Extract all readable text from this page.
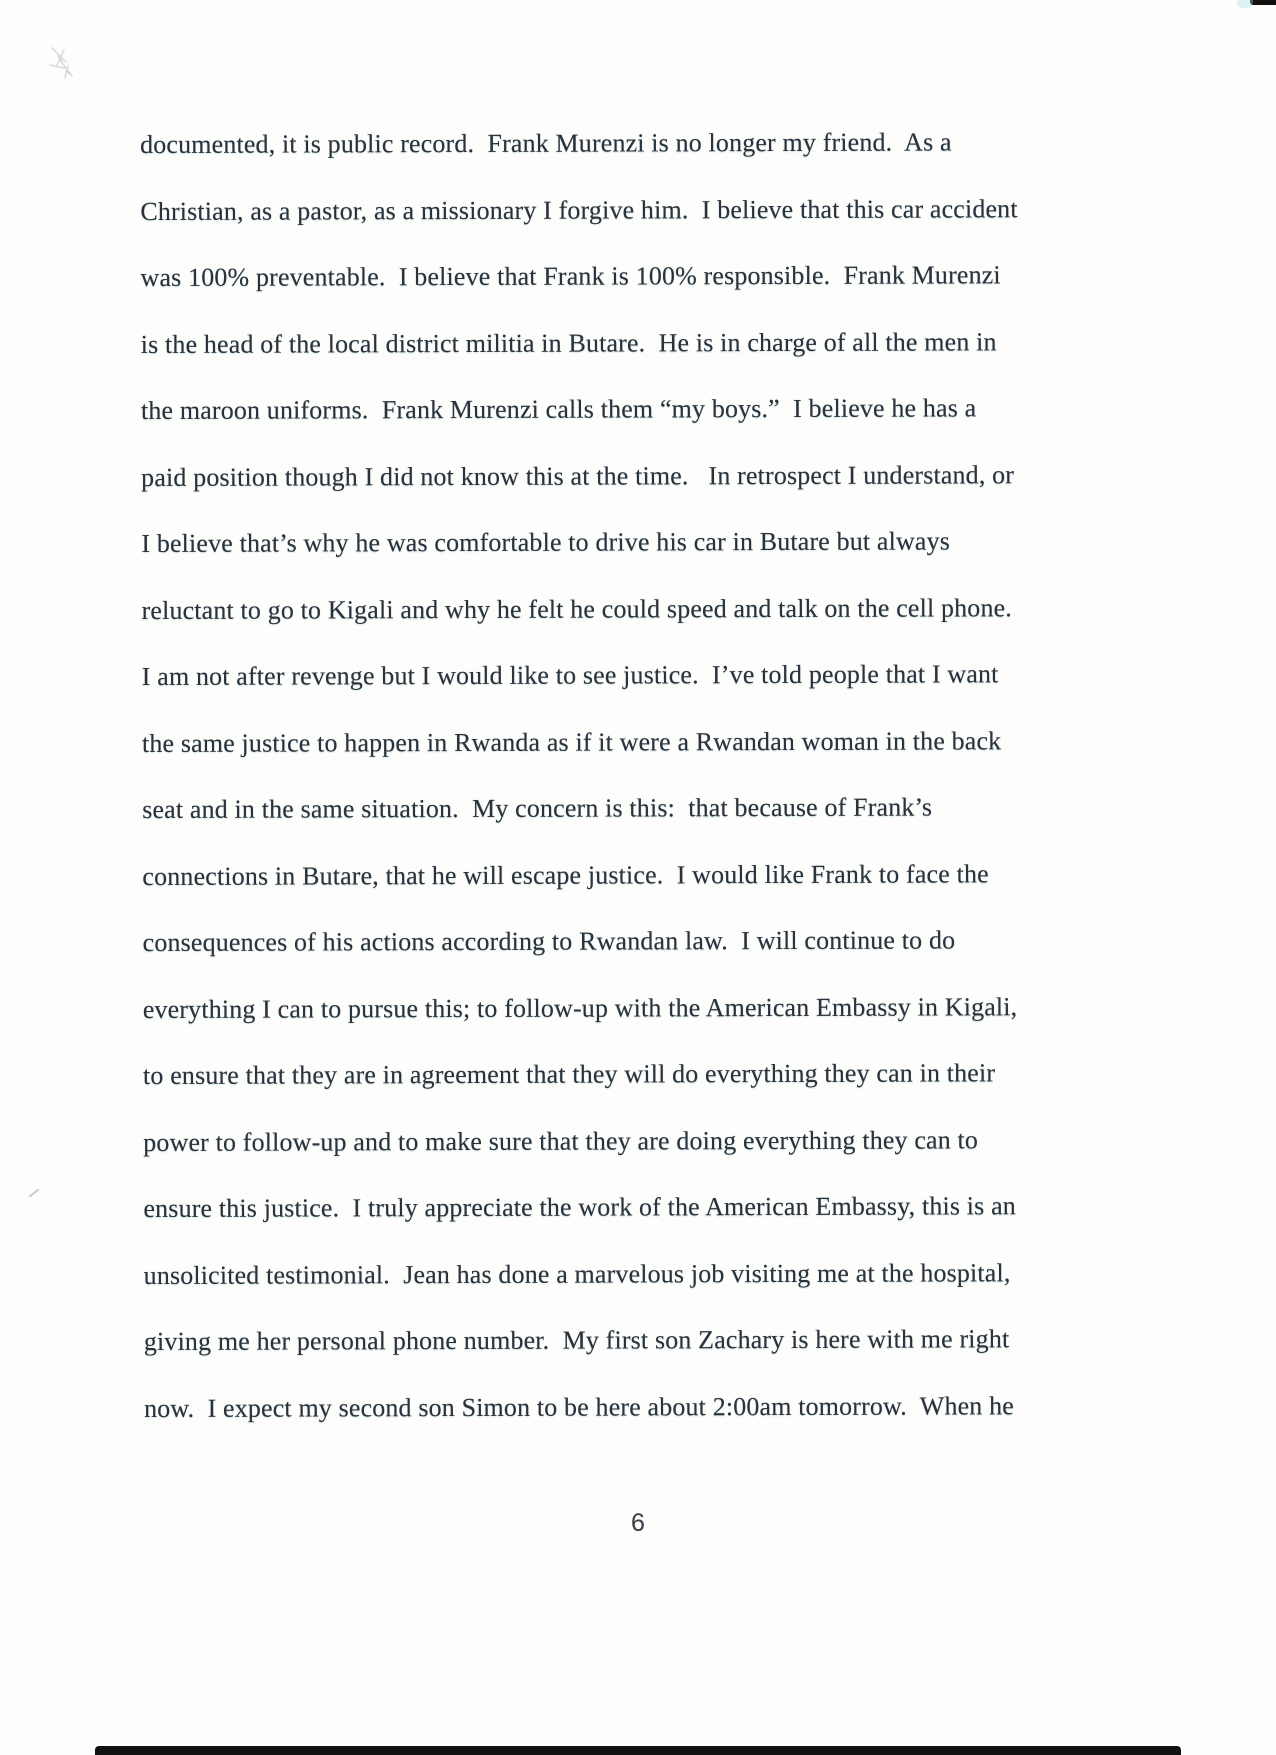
documented, it is public record.  Frank Murenzi is no longer my friend.  As a
Christian, as a pastor, as a missionary I forgive him.  I believe that this car accident
was 100% preventable.  I believe that Frank is 100% responsible.  Frank Murenzi
is the head of the local district militia in Butare.  He is in charge of all the men in
the maroon uniforms.  Frank Murenzi calls them “my boys.”  I believe he has a
paid position though I did not know this at the time.   In retrospect I understand, or
I believe that’s why he was comfortable to drive his car in Butare but always
reluctant to go to Kigali and why he felt he could speed and talk on the cell phone.
I am not after revenge but I would like to see justice.  I’ve told people that I want
the same justice to happen in Rwanda as if it were a Rwandan woman in the back
seat and in the same situation.  My concern is this:  that because of Frank’s
connections in Butare, that he will escape justice.  I would like Frank to face the
consequences of his actions according to Rwandan law.  I will continue to do
everything I can to pursue this; to follow-up with the American Embassy in Kigali,
to ensure that they are in agreement that they will do everything they can in their
power to follow-up and to make sure that they are doing everything they can to
ensure this justice.  I truly appreciate the work of the American Embassy, this is an
unsolicited testimonial.  Jean has done a marvelous job visiting me at the hospital,
giving me her personal phone number.  My first son Zachary is here with me right
now.  I expect my second son Simon to be here about 2:00am tomorrow.  When he
6
